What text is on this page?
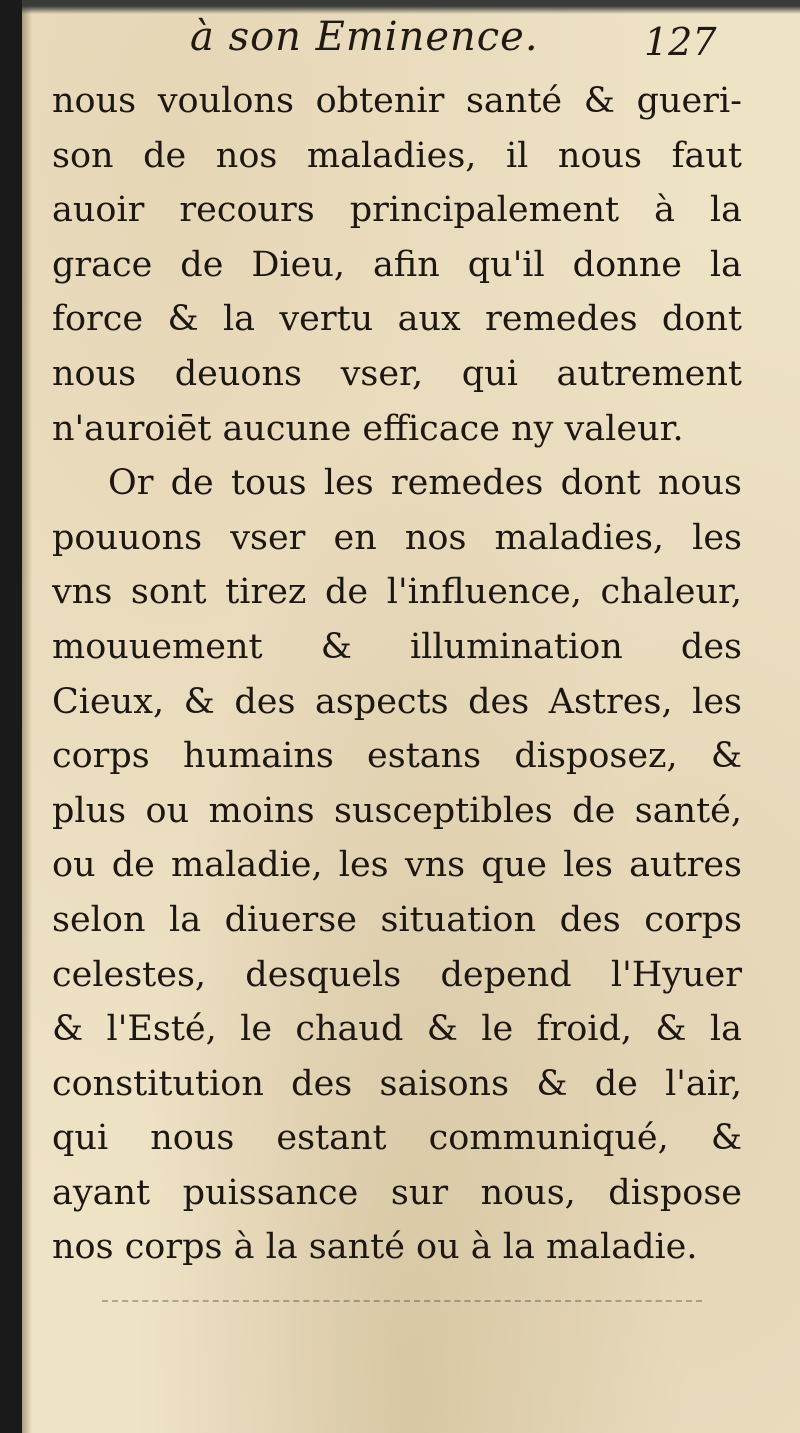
à son Eminence.	127
nous voulons obtenir santé & gueri-
son de nos maladies, il nous faut
auoir recours principalement à la
grace de Dieu, afin qu'il donne la
force & la vertu aux remedes dont
nous deuons vser, qui autrement
n'auroiēt aucune efficace ny valeur.
Or de tous les remedes dont nous
pouuons vser en nos maladies, les
vns sont tirez de l'influence, chaleur,
mouuement & illumination des
Cieux, & des aspects des Astres, les
corps humains estans disposez, &
plus ou moins susceptibles de santé,
ou de maladie, les vns que les autres
selon la diuerse situation des corps
celestes, desquels depend l'Hyuer
& l'Esté, le chaud & le froid, & la
constitution des saisons & de l'air,
qui nous estant communiqué, &
ayant puissance sur nous, dispose
nos corps à la santé ou à la maladie.
